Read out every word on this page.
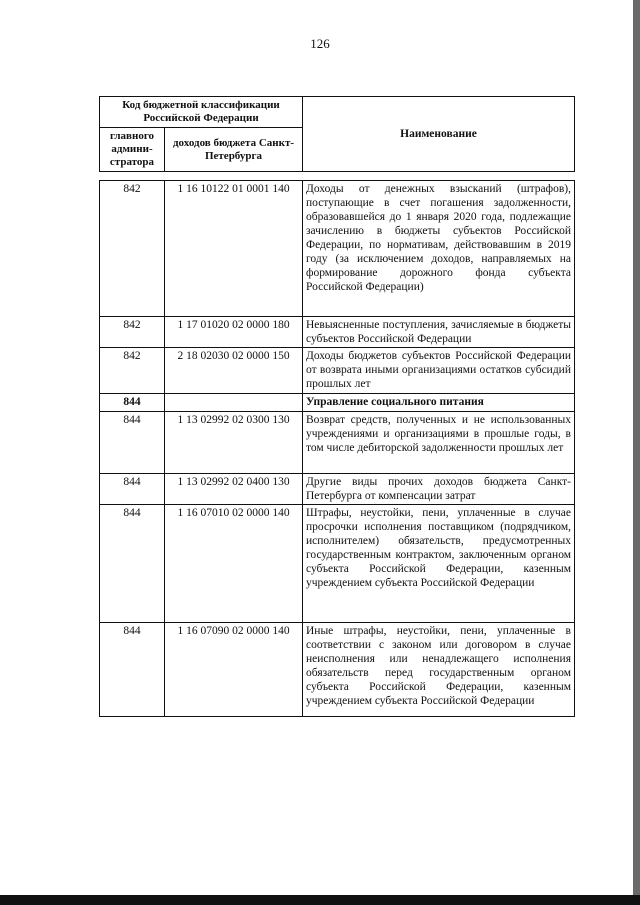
126
Код бюджетной классификации Российской Федерации		Наименование
главного админи-стратора	доходов бюджета Санкт-Петербурга	
842	1 16 10122 01 0001 140	Доходы от денежных взысканий (штрафов), поступающие в счет погашения задолженности, образовавшейся до 1 января 2020 года, подлежащие зачислению в бюджеты субъектов Российской Федерации, по нормативам, действовавшим в 2019 году (за исключением доходов, направляемых на формирование дорожного фонда субъекта Российской Федерации)
842	1 17 01020 02 0000 180	Невыясненные поступления, зачисляемые в бюджеты субъектов Российской Федерации
842	2 18 02030 02 0000 150	Доходы бюджетов субъектов Российской Федерации от возврата иными организациями остатков субсидий прошлых лет
844		Управление социального питания
844	1 13 02992 02 0300 130	Возврат средств, полученных и не использованных учреждениями и организациями в прошлые годы, в том числе дебиторской задолженности прошлых лет
844	1 13 02992 02 0400 130	Другие виды прочих доходов бюджета Санкт-Петербурга от компенсации затрат
844	1 16 07010 02 0000 140	Штрафы, неустойки, пени, уплаченные в случае просрочки исполнения поставщиком (подрядчиком, исполнителем) обязательств, предусмотренных государственным контрактом, заключенным органом субъекта Российской Федерации, казенным учреждением субъекта Российской Федерации
844	1 16 07090 02 0000 140	Иные штрафы, неустойки, пени, уплаченные в соответствии с законом или договором в случае неисполнения или ненадлежащего исполнения обязательств перед государственным органом субъекта Российской Федерации, казенным учреждением субъекта Российской Федерации
